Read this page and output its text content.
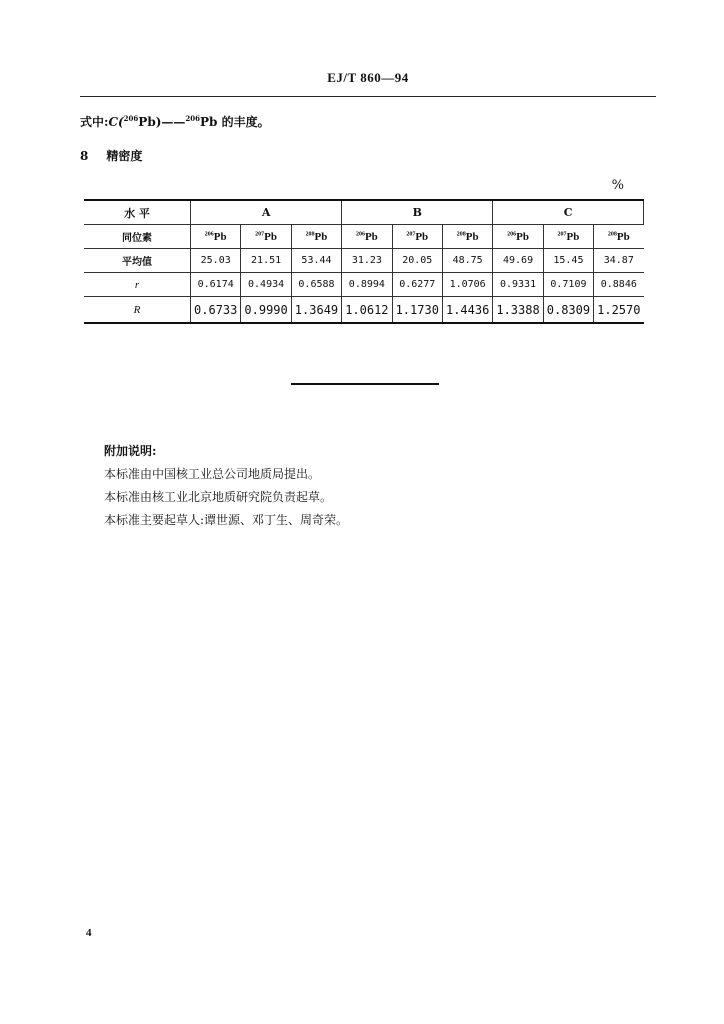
EJ/T 860—94
式中:C($^{206}$Pb)——$^{206}$Pb 的丰度。
8 精密度
%
水 平	A			B			C		
同位素	$^{206}$Pb	$^{207}$Pb	$^{208}$Pb	$^{206}$Pb	$^{207}$Pb	$^{208}$Pb	$^{206}$Pb	$^{207}$Pb	$^{208}$Pb
平均值	25.03	21.51	53.44	31.23	20.05	48.75	49.69	15.45	34.87
r	0.6174	0.4934	0.6588	0.8994	0.6277	1.0706	0.9331	0.7109	0.8846
R	0.6733	0.9990	1.3649	1.0612	1.1730	1.4436	1.3388	0.8309	1.2570
附加说明:
本标准由中国核工业总公司地质局提出。
本标准由核工业北京地质研究院负责起草。
本标准主要起草人:谭世源、邓丁生、周奇荣。
4
